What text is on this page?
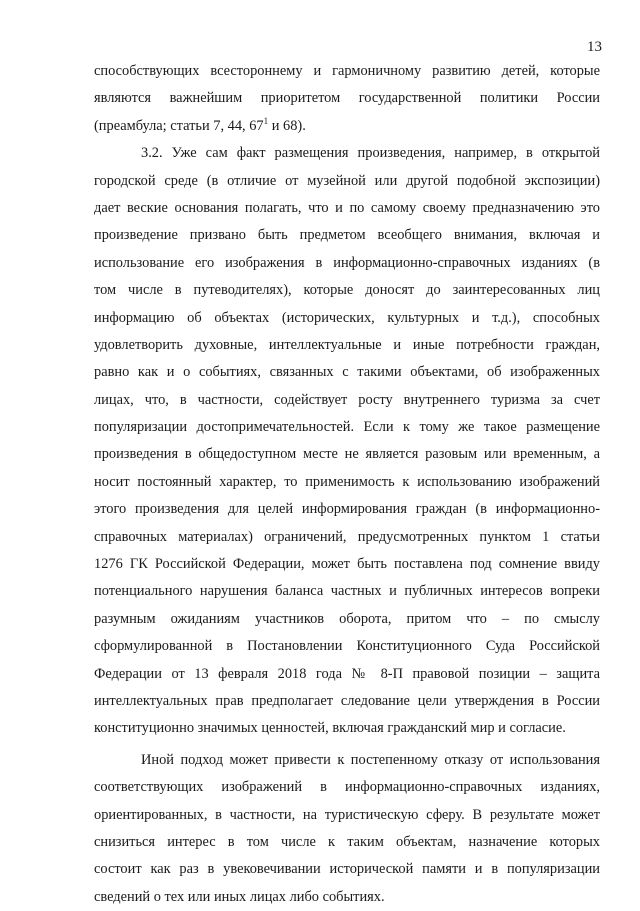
13
способствующих всестороннему и гармоничному развитию детей, которые
являются важнейшим приоритетом государственной политики России
(преамбула; статьи 7, 44, $67^1$ и 68).
3.2. Уже сам факт размещения произведения, например, в открытой
городской среде (в отличие от музейной или другой подобной экспозиции)
дает веские основания полагать, что и по самому своему предназначению это
произведение призвано быть предметом всеобщего внимания, включая и
использование его изображения в информационно-справочных изданиях (в
том числе в путеводителях), которые доносят до заинтересованных лиц
информацию об объектах (исторических, культурных и т.д.), способных
удовлетворить духовные, интеллектуальные и иные потребности граждан,
равно как и о событиях, связанных с такими объектами, об изображенных
лицах, что, в частности, содействует росту внутреннего туризма за счет
популяризации достопримечательностей. Если к тому же такое размещение
произведения в общедоступном месте не является разовым или временным, а
носит постоянный характер, то применимость к использованию изображений
этого произведения для целей информирования граждан (в информационно-
справочных материалах) ограничений, предусмотренных пунктом 1 статьи
1276 ГК Российской Федерации, может быть поставлена под сомнение ввиду
потенциального нарушения баланса частных и публичных интересов вопреки
разумным ожиданиям участников оборота, притом что – по смыслу
сформулированной в Постановлении Конституционного Суда Российской
Федерации от 13 февраля 2018 года № 8-П правовой позиции – защита
интеллектуальных прав предполагает следование цели утверждения в России
конституционно значимых ценностей, включая гражданский мир и согласие.
Иной подход может привести к постепенному отказу от использования
соответствующих изображений в информационно-справочных изданиях,
ориентированных, в частности, на туристическую сферу. В результате может
снизиться интерес в том числе к таким объектам, назначение которых
состоит как раз в увековечивании исторической памяти и в популяризации
сведений о тех или иных лицах либо событиях.
